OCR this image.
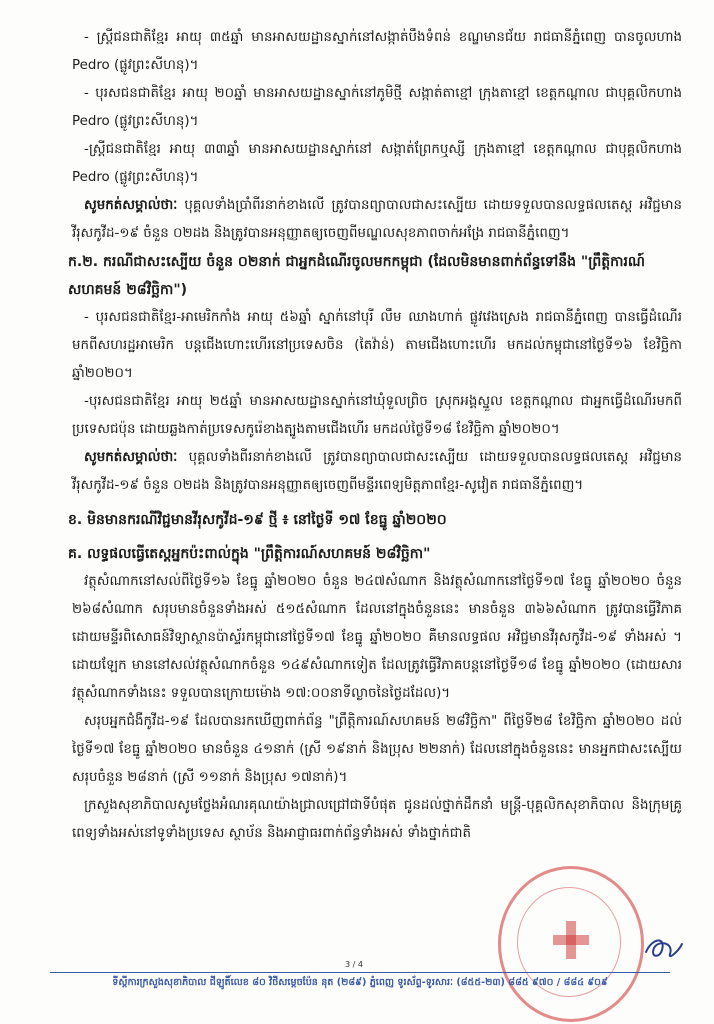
- ស្ត្រីជនជាតិខ្មែរ អាយុ ៣៥ឆ្នាំ មានអាសយដ្ឋានស្នាក់នៅសង្កាត់បឹងទំពន់ ខណ្ឌមានជ័យ រាជធានីភ្នំពេញ បានចូលហាង Pedro (ផ្លូវព្រះសីហនុ)។

- បុរសជនជាតិខ្មែរ អាយុ ២០ឆ្នាំ មានអាសយដ្ឋានស្នាក់នៅភូមិថ្មី សង្កាត់តាខ្មៅ ក្រុងតាខ្មៅ ខេត្តកណ្ដាល ជាបុគ្គលិកហាង Pedro (ផ្លូវព្រះសីហនុ)។

-ស្ត្រីជនជាតិខ្មែរ អាយុ ៣៣ឆ្នាំ មានអាសយដ្ឋានស្នាក់នៅ សង្កាត់ព្រែកឬស្សី ក្រុងតាខ្មៅ ខេត្តកណ្ដាល ជាបុគ្គលិកហាង Pedro (ផ្លូវព្រះសីហនុ)។

សូមកត់សម្គាល់ថាៈ បុគ្គលទាំងប្រាំពីរនាក់ខាងលើ ត្រូវបានព្យាបាលជាសះស្បើយ ដោយទទួលបានលទ្ធផលតេស្ត អវិជ្ជមានវីរុសកូវីដ-១៩ ចំនួន ០២ដង និងត្រូវបានអនុញ្ញាតឲ្យចេញពីមណ្ឌលសុខភាពចាក់អង្រែ រាជធានីភ្នំពេញ។

ក.២. ករណីជាសះស្បើយ ចំនួន ០២នាក់ ជាអ្នកដំណើរចូលមកកម្ពុជា (ដែលមិនមានពាក់ព័ន្ធទៅនឹង "ព្រឹត្តិការណ៍សហគមន៍ ២៨វិច្ឆិកា")

- បុរសជនជាតិខ្មែរ-អាមេរិកកាំង អាយុ ៥៦ឆ្នាំ ស្នាក់នៅបុរី លឹម ឈាងហាក់ ផ្លូវវេងស្រេង រាជធានីភ្នំពេញ បានធ្វើដំណើរមកពីសហរដ្ឋអាមេរិក បន្តជើងហោះហើរនៅប្រទេសចិន (តៃវ៉ាន់) តាមជើងហោះហើរ មកដល់កម្ពុជានៅថ្ងៃទី១៦ ខែវិច្ឆិកា ឆ្នាំ២០២០។

-បុរសជនជាតិខ្មែរ អាយុ ២៥ឆ្នាំ មានអាសយដ្ឋានស្នាក់នៅឃុំទួលព្រិច ស្រុកអង្គស្នួល ខេត្តកណ្ដាល ជាអ្នកធ្វើដំណើរមកពីប្រទេសជប៉ុន ដោយឆ្លងកាត់ប្រទេសកូរ៉េខាងត្បូងតាមជើងហើរ មកដល់ថ្ងៃទី១៨ ខែវិច្ឆិកា ឆ្នាំ២០២០។

សូមកត់សម្គាល់ថាៈ បុគ្គលទាំងពីរនាក់ខាងលើ ត្រូវបានព្យាបាលជាសះស្បើយ ដោយទទួលបានលទ្ធផលតេស្ត អវិជ្ជមានវីរុសកូវីដ-១៩ ចំនួន ០២ដង និងត្រូវបានអនុញ្ញាតឲ្យចេញពីមន្ទីរពេទ្យមិត្តភាពខ្មែរ-សូវៀត រាជធានីភ្នំពេញ។

ខ. មិនមានករណីវិជ្ជមានវីរុសកូវីដ-១៩ ថ្មី ៖ នៅថ្ងៃទី ១៧ ខែធ្នូ ឆ្នាំ២០២០
គ. លទ្ធផលធ្វើតេស្តអ្នកប៉ះពាល់ក្នុង "ព្រឹត្តិការណ៍សហគមន៍ ២៨វិច្ឆិកា"

វត្ថុសំណាកនៅសល់ពីថ្ងៃទី១៦ ខែធ្នូ ឆ្នាំ២០២០ ចំនួន ២៤៧សំណាក និងវត្ថុសំណាកនៅថ្ងៃទី១៧ ខែធ្នូ ឆ្នាំ២០២០ ចំនួន ២៦៨សំណាក សរុបមានចំនួនទាំងអស់ ៥១៥សំណាក ដែលនៅក្នុងចំនួននេះ មានចំនួន ៣៦៦សំណាក ត្រូវបានធ្វើវិភាគដោយមន្ទីរពិសោធន៍វិទ្យាស្ថានប៉ាស្ទ័រកម្ពុជានៅថ្ងៃទី១៧ ខែធ្នូ ឆ្នាំ២០២០ គឺមានលទ្ធផល អវិជ្ជមានវីរុសកូវីដ-១៩ ទាំងអស់ ។ ដោយឡែក មាននៅសល់វត្ថុសំណាកចំនួន ១៤៩សំណាកទៀត ដែលត្រូវធ្វើវិភាគបន្តនៅថ្ងៃទី១៨ ខែធ្នូ ឆ្នាំ២០២០ (ដោយសារវត្ថុសំណាកទាំងនេះ ទទួលបានក្រោយម៉ោង ១៧:០០នាទីល្ងាចនៃថ្ងៃដដែល)។

សរុបអ្នកជំងឺកូវីដ-១៩ ដែលបានរកឃើញពាក់ព័ន្ធ "ព្រឹត្តិការណ៍សហគមន៍ ២៨វិច្ឆិកា" ពីថ្ងៃទី២៨ ខែវិច្ឆិកា ឆ្នាំ២០២០ ដល់ថ្ងៃទី១៧ ខែធ្នូ ឆ្នាំ២០២០ មានចំនួន ៤១នាក់ (ស្រី ១៩នាក់ និងប្រុស ២២នាក់) ដែលនៅក្នុងចំនួននេះ មានអ្នកជាសះស្បើយ សរុបចំនួន ២៨នាក់ (ស្រី ១១នាក់ និងប្រុស ១៧នាក់)។

ក្រសួងសុខាភិបាលសូមថ្លែងអំណរគុណយ៉ាងជ្រាលជ្រៅជាទីបំផុត ជូនដល់ថ្នាក់ដឹកនាំ មន្ត្រី-បុគ្គលិកសុខាភិបាល និងក្រុមគ្រូពេទ្យទាំងអស់នៅទូទាំងប្រទេស ស្ថាប័ន និងអាជ្ញាធរពាក់ព័ន្ធទាំងអស់ ទាំងថ្នាក់ជាតិ

3 / 4
ទីស្តីការក្រសួងសុខាភិបាល ជីឡូតិ៍លេខ ៨០ វិថីសម្ដេចប៉ែន នុត (២៨៩) ភ្នំពេញ ទូរស័ព្ទ-ទូរសារៈ (៨៥៥-២៣) ៨៨៥ ៩៧០ / ៨៨៤ ៩០៩
